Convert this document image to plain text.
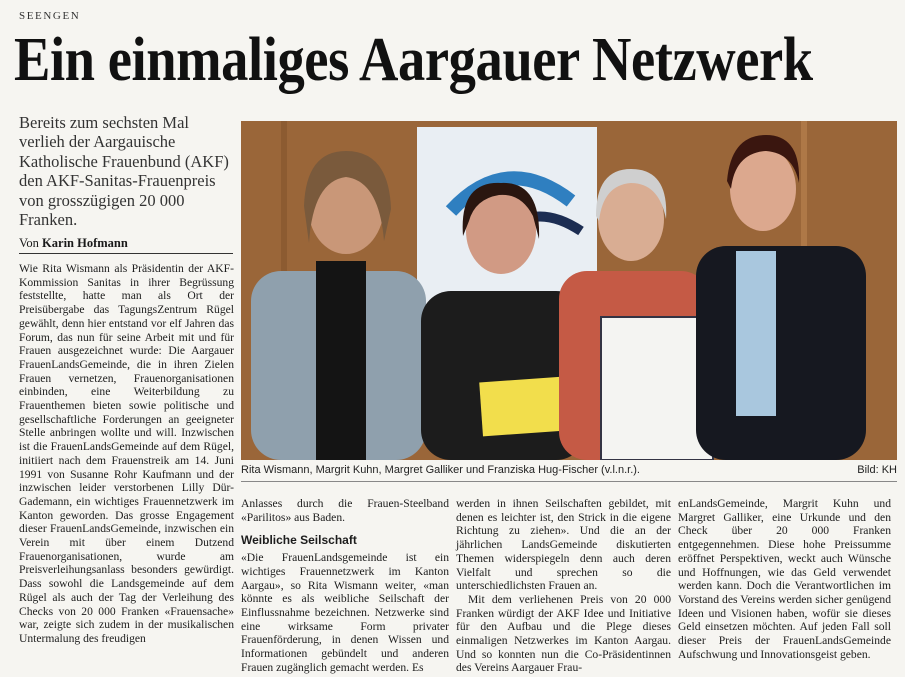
SEENGEN
Ein einmaliges Aargauer Netzwerk
Bereits zum sechsten Mal verlieh der Aargauische Katholische Frauenbund (AKF) den AKF-Sanitas-Frauenpreis von grosszügigen 20 000 Franken.
Von Karin Hofmann

Wie Rita Wismann als Präsidentin der AKF-Kommission Sanitas in ihrer Begrüssung feststellte, hatte man als Ort der Preisübergabe das TagungsZentrum Rügel gewählt, denn hier entstand vor elf Jahren das Forum, das nun für seine Arbeit mit und für Frauen ausgezeichnet wurde: Die Aargauer FrauenLandsGemeinde, die in ihren Zielen Frauen vernetzen, Frauenorganisationen einbinden, eine Weiterbildung zu Frauenthemen bieten sowie politische und gesellschaftliche Forderungen an geeigneter Stelle anbringen wollte und will. Inzwischen ist die FrauenLandsGemeinde auf dem Rügel, initiiert nach dem Frauenstreik am 14. Juni 1991 von Susanne Rohr Kaufmann und der inzwischen leider verstorbenen Lilly Dür-Gademann, ein wichtiges Frauennetzwerk im Kanton geworden. Das grosse Engagement dieser FrauenLandsGemeinde, inzwischen ein Verein mit über einem Dutzend Frauenorganisationen, wurde am Preisverleihungsanlass besonders gewürdigt. Dass sowohl die Landsgemeinde auf dem Rügel als auch der Tag der Verleihung des Checks von 20 000 Franken «Frauensache» war, zeigte sich zudem in der musikalischen Untermalung des freudigen

Rita Wismann, Margrit Kuhn, Margret Galliker und Franziska Hug-Fischer (v.l.n.r.).	Bild: KH

Anlasses durch die Frauen-Steelband «Parilitos» aus Baden.

Weibliche Seilschaft

«Die FrauenLandsgemeinde ist ein wichtiges Frauennetzwerk im Kanton Aargau», so Rita Wismann weiter, «man könnte es als weibliche Seilschaft der Einflussnahme bezeichnen. Netzwerke sind eine wirksame Form privater Frauenförderung, in denen Wissen und Informationen gebündelt und anderen Frauen zugänglich gemacht werden. Es

werden in ihnen Seilschaften gebildet, mit denen es leichter ist, den Strick in die eigene Richtung zu ziehen». Und die an der jährlichen LandsGemeinde diskutierten Themen widerspiegeln denn auch deren Vielfalt und sprechen so die unterschiedlichsten Frauen an.

Mit dem verliehenen Preis von 20 000 Franken würdigt der AKF Idee und Initiative für den Aufbau und die Plege dieses einmaligen Netzwerkes im Kanton Aargau. Und so konnten nun die Co-Präsidentinnen des Vereins Aargauer Frau-

enLandsGemeinde, Margrit Kuhn und Margret Galliker, eine Urkunde und den Check über 20 000 Franken entgegennehmen. Diese hohe Preissumme eröffnet Perspektiven, weckt auch Wünsche und Hoffnungen, wie das Geld verwendet werden kann. Doch die Verantwortlichen im Vorstand des Vereins werden sicher genügend Ideen und Visionen haben, wofür sie dieses Geld einsetzen möchten. Auf jeden Fall soll dieser Preis der FrauenLandsGemeinde Aufschwung und Innovationsgeist geben.
